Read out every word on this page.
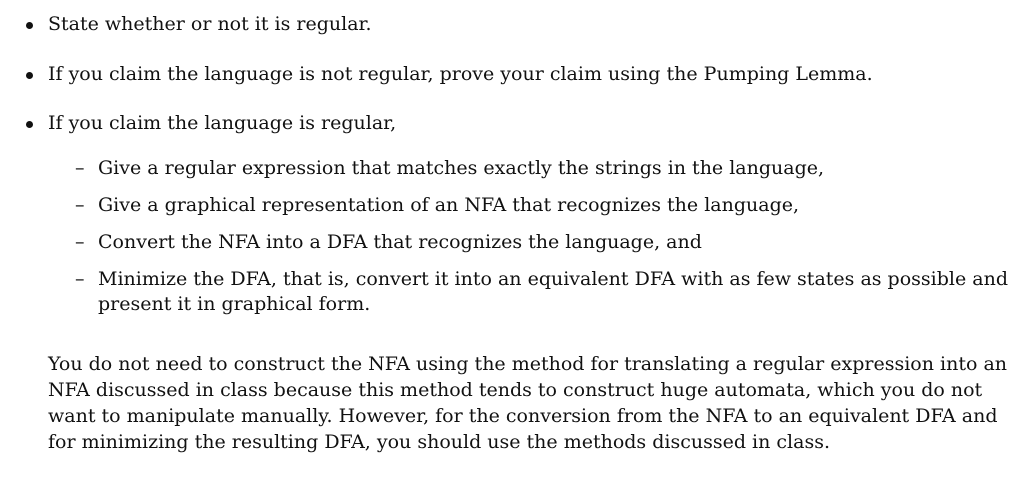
State whether or not it is regular.
If you claim the language is not regular, prove your claim using the Pumping Lemma.
If you claim the language is regular,
– Give a regular expression that matches exactly the strings in the language,
– Give a graphical representation of an NFA that recognizes the language,
– Convert the NFA into a DFA that recognizes the language, and
– Minimize the DFA, that is, convert it into an equivalent DFA with as few states as possible and present it in graphical form.

You do not need to construct the NFA using the method for translating a regular expression into an NFA discussed in class because this method tends to construct huge automata, which you do not want to manipulate manually. However, for the conversion from the NFA to an equivalent DFA and for minimizing the resulting DFA, you should use the methods discussed in class.
